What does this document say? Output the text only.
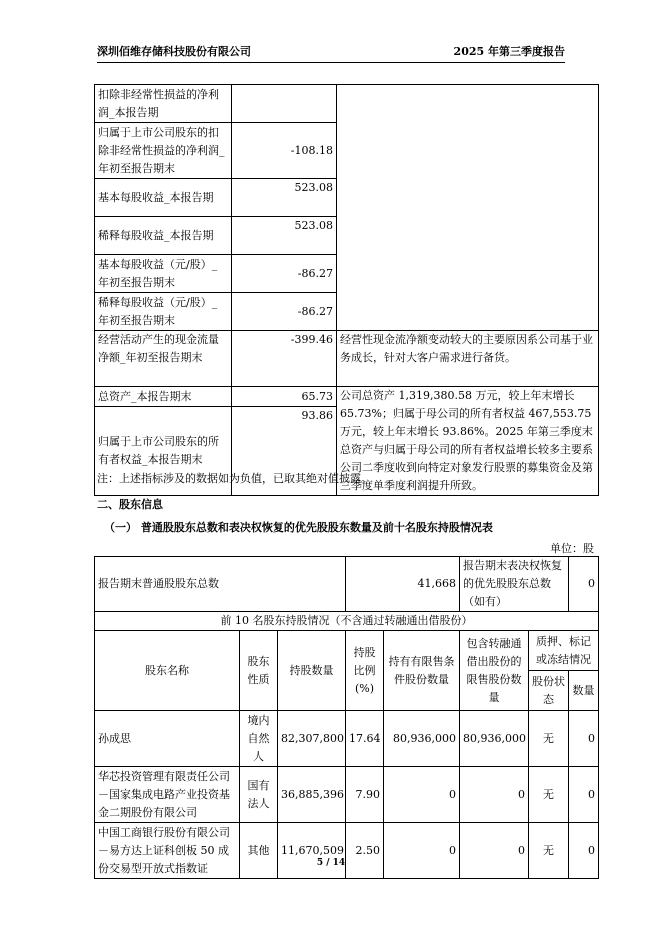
深圳佰维存储科技股份有限公司	2025 年第三季度报告
扣除非经常性损益的净利润_本报告期		
归属于上市公司股东的扣除非经常性损益的净利润_年初至报告期末	-108.18	
基本每股收益_本报告期	523.08	
稀释每股收益_本报告期	523.08	
基本每股收益（元/股）_年初至报告期末	-86.27	
稀释每股收益（元/股）_年初至报告期末	-86.27	
经营活动产生的现金流量净额_年初至报告期末	-399.46	经营性现金流净额变动较大的主要原因系公司基于业务成长，针对大客户需求进行备货。
总资产_本报告期末	65.73	公司总资产 1,319,380.58 万元，较上年末增长 65.73%；归属于母公司的所有者权益 467,553.75 万元，较上年末增长 93.86%。2025 年第三季度末总资产与归属于母公司的所有者权益增长较多主要系公司二季度收到向特定对象发行股票的募集资金及第三季度单季度利润提升所致。
归属于上市公司股东的所有者权益_本报告期末	93.86	
注：上述指标涉及的数据如为负值，已取其绝对值披露。
二、股东信息
（一） 普通股股东总数和表决权恢复的优先股股东数量及前十名股东持股情况表
单位：股
报告期末普通股股东总数			41,668		报告期末表决权恢复的优先股股东总数（如有）		0
前 10 名股东持股情况（不含通过转融通出借股份）							
股东名称	股东性质	持股数量	持股比例(%)	持有有限售条件股份数量	包含转融通借出股份的限售股份数量	质押、标记或冻结情况	
						股份状态	数量
孙成思	境内自然人	82,307,800	17.64	80,936,000	80,936,000	无	0
华芯投资管理有限责任公司－国家集成电路产业投资基金二期股份有限公司	国有法人	36,885,396	7.90	0	0	无	0
中国工商银行股份有限公司－易方达上证科创板 50 成份交易型开放式指数证	其他	11,670,509	2.50	0	0	无	0
5 / 14
